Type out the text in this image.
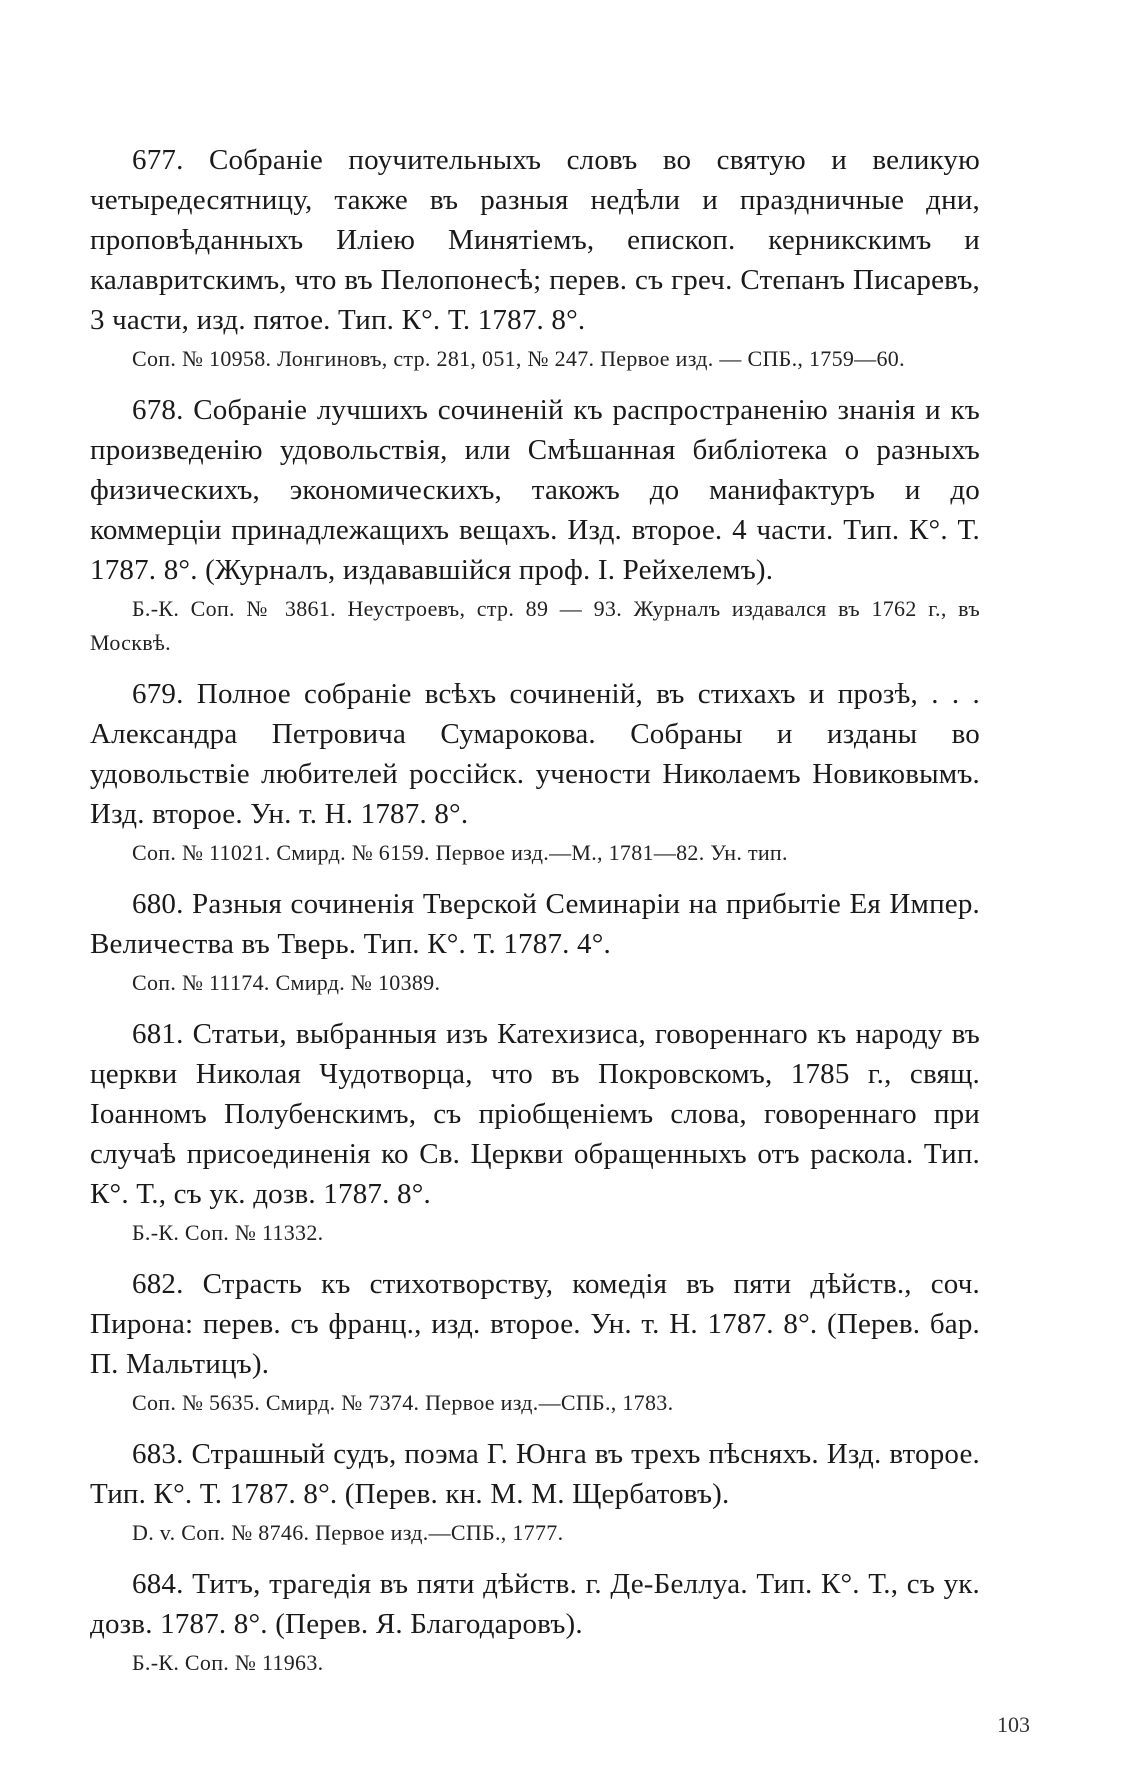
677. Собраніе поучительныхъ словъ во святую и великую четыредесятницу, также въ разныя недѣли и праздничные дни, проповѣданныхъ Иліею Минятіемъ, епископ. керникскимъ и калавритскимъ, что въ Пелопонесѣ; перев. съ греч. Степанъ Писаревъ, 3 части, изд. пятое. Тип. К°. Т. 1787. 8°.

Соп. № 10958. Лонгиновъ, стр. 281, 051, № 247. Первое изд. — СПБ., 1759—60.

678. Собраніе лучшихъ сочиненій къ распространенію знанія и къ произведенію удовольствія, или Смѣшанная библіотека о разныхъ физическихъ, экономическихъ, такожъ до манифактуръ и до коммерціи принадлежащихъ вещахъ. Изд. второе. 4 части. Тип. К°. Т. 1787. 8°. (Журналъ, издававшійся проф. І. Рейхелемъ).

Б.-К. Соп. № 3861. Неустроевъ, стр. 89 — 93. Журналъ издавался въ 1762 г., въ Москвѣ.

679. Полное собраніе всѣхъ сочиненій, въ стихахъ и прозѣ, . . . Александра Петровича Сумарокова. Собраны и изданы во удовольствіе любителей россійск. учености Николаемъ Новиковымъ. Изд. второе. Ун. т. Н. 1787. 8°.

Соп. № 11021. Смирд. № 6159. Первое изд.—М., 1781—82. Ун. тип.

680. Разныя сочиненія Тверской Семинаріи на прибытіе Ея Импер. Величества въ Тверь. Тип. К°. Т. 1787. 4°.

Соп. № 11174. Смирд. № 10389.

681. Статьи, выбранныя изъ Катехизиса, говореннаго къ народу въ церкви Николая Чудотворца, что въ Покровскомъ, 1785 г., свящ. Іоанномъ Полубенскимъ, съ пріобщеніемъ слова, говореннаго при случаѣ присоединенія ко Св. Церкви обращенныхъ отъ раскола. Тип. К°. Т., съ ук. дозв. 1787. 8°.

Б.-К. Соп. № 11332.

682. Страсть къ стихотворству, комедія въ пяти дѣйств., соч. Пирона: перев. съ франц., изд. второе. Ун. т. Н. 1787. 8°. (Перев. бар. П. Мальтицъ).

Соп. № 5635. Смирд. № 7374. Первое изд.—СПБ., 1783.

683. Страшный судъ, поэма Г. Юнга въ трехъ пѣсняхъ. Изд. второе. Тип. К°. Т. 1787. 8°. (Перев. кн. М. М. Щербатовъ).

D. v. Соп. № 8746. Первое изд.—СПБ., 1777.

684. Титъ, трагедія въ пяти дѣйств. г. Де-Беллуа. Тип. К°. Т., съ ук. дозв. 1787. 8°. (Перев. Я. Благодаровъ).

Б.-К. Соп. № 11963.

103
